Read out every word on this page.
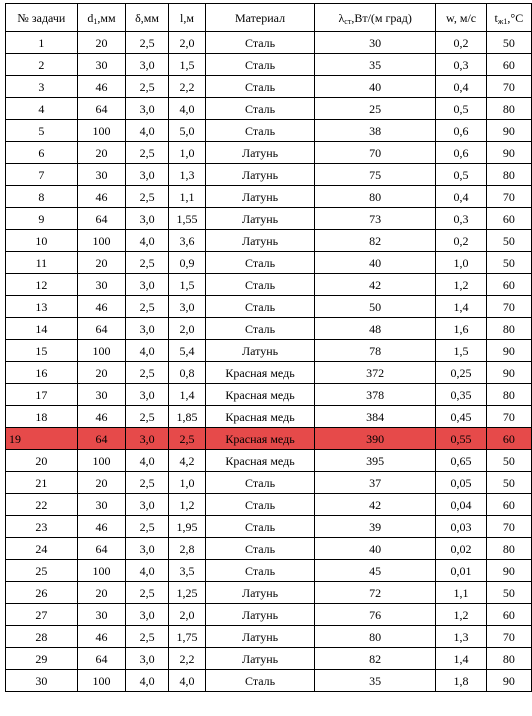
№ задачи	$d_1,мм$	δ,мм	l,м	Материал	$\lambda_{ст},Вт/(м$ град)	w, м/с	$t_{ж1},^\circ C$
1	20	2,5	2,0	Сталь	30	0,2	50
2	30	3,0	1,5	Сталь	35	0,3	60
3	46	2,5	2,2	Сталь	40	0,4	70
4	64	3,0	4,0	Сталь	25	0,5	80
5	100	4,0	5,0	Сталь	38	0,6	90
6	20	2,5	1,0	Латунь	70	0,6	90
7	30	3,0	1,3	Латунь	75	0,5	80
8	46	2,5	1,1	Латунь	80	0,4	70
9	64	3,0	1,55	Латунь	73	0,3	60
10	100	4,0	3,6	Латунь	82	0,2	50
11	20	2,5	0,9	Сталь	40	1,0	50
12	30	3,0	1,5	Сталь	42	1,2	60
13	46	2,5	3,0	Сталь	50	1,4	70
14	64	3,0	2,0	Сталь	48	1,6	80
15	100	4,0	5,4	Латунь	78	1,5	90
16	20	2,5	0,8	Красная медь	372	0,25	90
17	30	3,0	1,4	Красная медь	378	0,35	80
18	46	2,5	1,85	Красная медь	384	0,45	70
19	64	3,0	2,5	Красная медь	390	0,55	60
20	100	4,0	4,2	Красная медь	395	0,65	50
21	20	2,5	1,0	Сталь	37	0,05	50
22	30	3,0	1,2	Сталь	42	0,04	60
23	46	2,5	1,95	Сталь	39	0,03	70
24	64	3,0	2,8	Сталь	40	0,02	80
25	100	4,0	3,5	Сталь	45	0,01	90
26	20	2,5	1,25	Латунь	72	1,1	50
27	30	3,0	2,0	Латунь	76	1,2	60
28	46	2,5	1,75	Латунь	80	1,3	70
29	64	3,0	2,2	Латунь	82	1,4	80
30	100	4,0	4,0	Сталь	35	1,8	90
